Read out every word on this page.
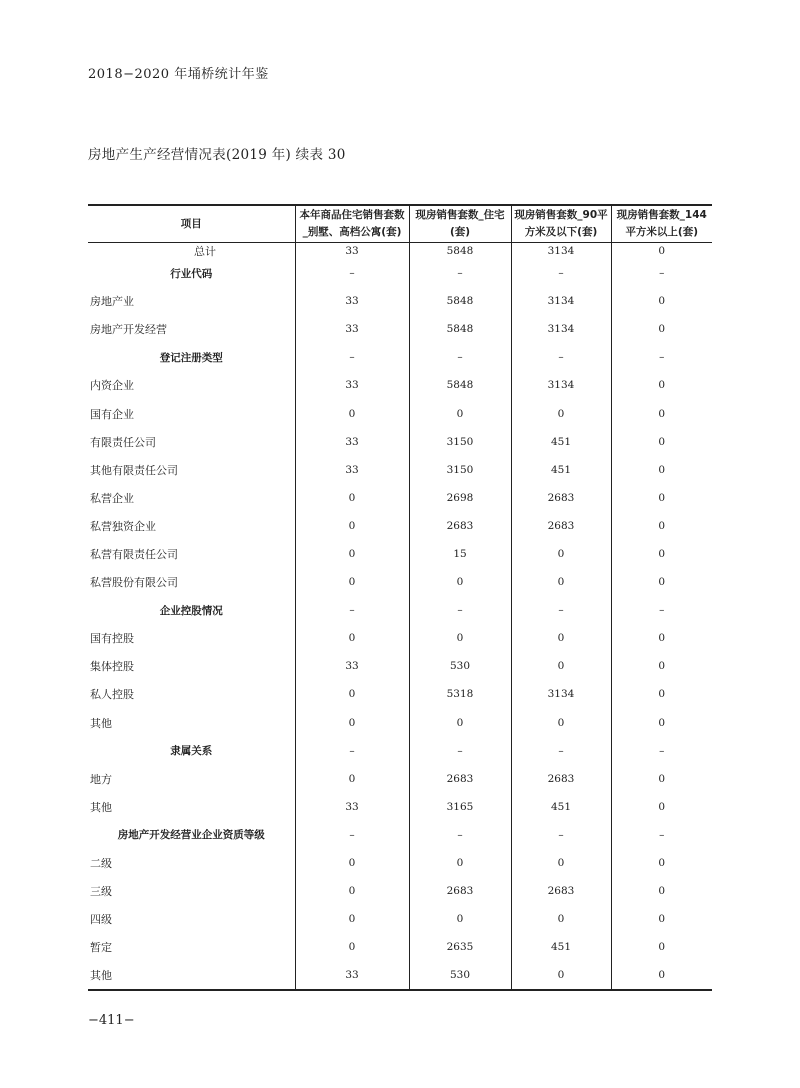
2018−2020 年埇桥统计年鉴
房地产生产经营情况表(2019 年) 续表 30
项目	本年商品住宅销售套数_别墅、高档公寓(套)	现房销售套数_住宅(套)	现房销售套数_90平方米及以下(套)	现房销售套数_144平方米以上(套)
总计	33	5848	3134	0
行业代码	–	–	–	–
房地产业	33	5848	3134	0
房地产开发经营	33	5848	3134	0
登记注册类型	–	–	–	–
内资企业	33	5848	3134	0
国有企业	0	0	0	0
有限责任公司	33	3150	451	0
其他有限责任公司	33	3150	451	0
私营企业	0	2698	2683	0
私营独资企业	0	2683	2683	0
私营有限责任公司	0	15	0	0
私营股份有限公司	0	0	0	0
企业控股情况	–	–	–	–
国有控股	0	0	0	0
集体控股	33	530	0	0
私人控股	0	5318	3134	0
其他	0	0	0	0
隶属关系	–	–	–	–
地方	0	2683	2683	0
其他	33	3165	451	0
房地产开发经营业企业资质等级	–	–	–	–
二级	0	0	0	0
三级	0	2683	2683	0
四级	0	0	0	0
暂定	0	2635	451	0
其他	33	530	0	0
−411−
